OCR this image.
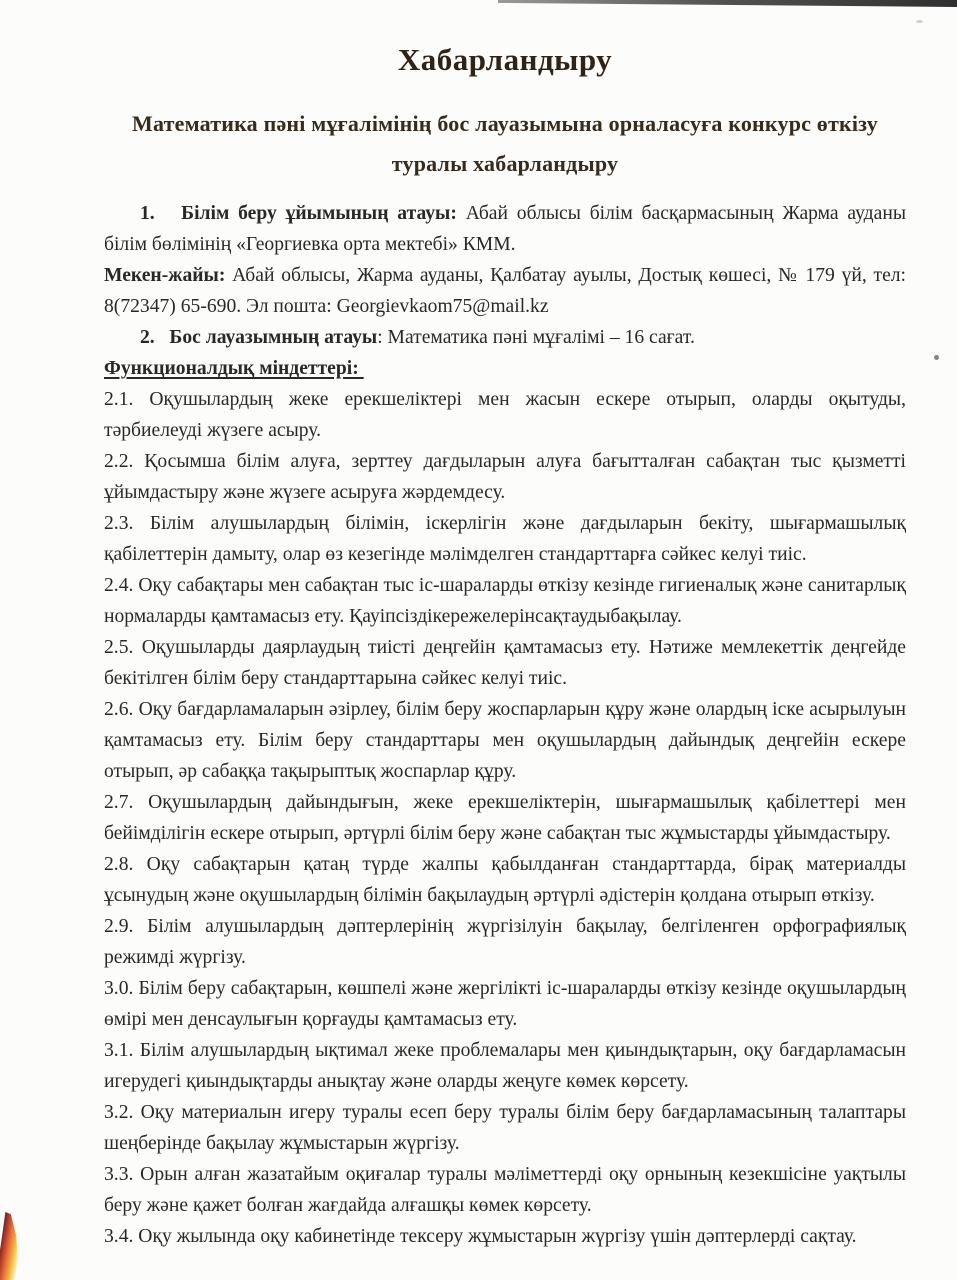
Хабарландыру
Математика пәні мұғалімінің бос лауазымына орналасуға конкурс өткізу туралы хабарландыру

1.   Білім беру ұйымының атауы: Абай облысы білім басқармасының Жарма ауданы білім бөлімінің «Георгиевка орта мектебі» КММ.

Мекен-жайы: Абай облысы, Жарма ауданы, Қалбатау ауылы, Достық көшесі, № 179 үй, тел: 8(72347) 65-690. Эл пошта: Georgievkaom75@mail.kz

2.   Бос лауазымның атауы: Математика пәні мұғалімі – 16 сағат.

Функционалдық міндеттері:

2.1. Оқушылардың жеке ерекшеліктері мен жасын ескере отырып, оларды оқытуды, тәрбиелеуді жүзеге асыру.

2.2. Қосымша білім алуға, зерттеу дағдыларын алуға бағытталған сабақтан тыс қызметті ұйымдастыру және жүзеге асыруға жәрдемдесу.

2.3. Білім алушылардың білімін, іскерлігін және дағдыларын бекіту, шығармашылық қабілеттерін дамыту, олар өз кезегінде мәлімделген стандарттарға сәйкес келуі тиіс.

2.4. Оқу сабақтары мен сабақтан тыс іс-шараларды өткізу кезінде гигиеналық және санитарлық нормаларды қамтамасыз ету. Қауіпсіздікережелерінсақтаудыбақылау.

2.5. Оқушыларды даярлаудың тиісті деңгейін қамтамасыз ету. Нәтиже мемлекеттік деңгейде бекітілген білім беру стандарттарына сәйкес келуі тиіс.

2.6. Оқу бағдарламаларын әзірлеу, білім беру жоспарларын құру және олардың іске асырылуын қамтамасыз ету. Білім беру стандарттары мен оқушылардың дайындық деңгейін ескере отырып, әр сабаққа тақырыптық жоспарлар құру.

2.7. Оқушылардың дайындығын, жеке ерекшеліктерін, шығармашылық қабілеттері мен бейімділігін ескере отырып, әртүрлі білім беру және сабақтан тыс жұмыстарды ұйымдастыру.

2.8. Оқу сабақтарын қатаң түрде жалпы қабылданған стандарттарда, бірақ материалды ұсынудың және оқушылардың білімін бақылаудың әртүрлі әдістерін қолдана отырып өткізу.

2.9. Білім алушылардың дәптерлерінің жүргізілуін бақылау, белгіленген орфографиялық режимді жүргізу.

3.0. Білім беру сабақтарын, көшпелі және жергілікті іс-шараларды өткізу кезінде оқушылардың өмірі мен денсаулығын қорғауды қамтамасыз ету.

3.1. Білім алушылардың ықтимал жеке проблемалары мен қиындықтарын, оқу бағдарламасын игерудегі қиындықтарды анықтау және оларды жеңуге көмек көрсету.

3.2. Оқу материалын игеру туралы есеп беру туралы білім беру бағдарламасының талаптары шеңберінде бақылау жұмыстарын жүргізу.

3.3. Орын алған жазатайым оқиғалар туралы мәліметтерді оқу орнының кезекшісіне уақтылы беру және қажет болған жағдайда алғашқы көмек көрсету.

3.4. Оқу жылында оқу кабинетінде тексеру жұмыстарын жүргізу үшін дәптерлерді сақтау.
